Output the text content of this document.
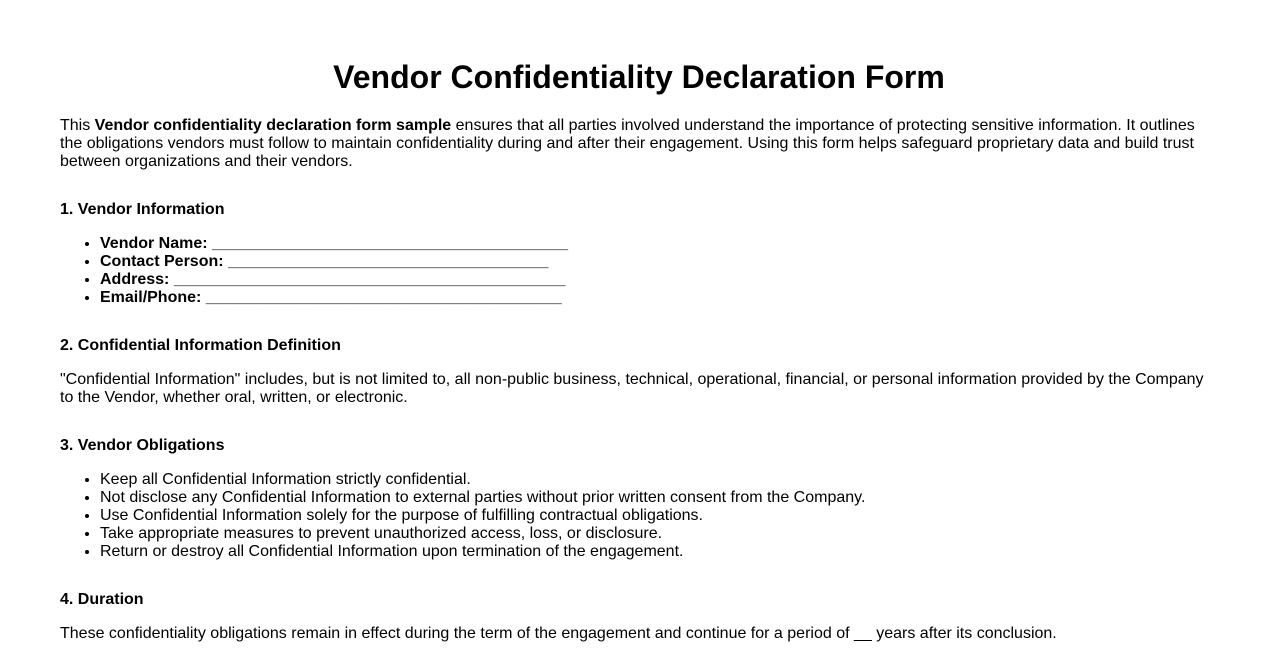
Vendor Confidentiality Declaration Form

This Vendor confidentiality declaration form sample ensures that all parties involved understand the importance of protecting sensitive information. It outlines the obligations vendors must follow to maintain confidentiality during and after their engagement. Using this form helps safeguard proprietary data and build trust between organizations and their vendors.

1. Vendor Information
• Vendor Name: ________________________________________
• Contact Person: ____________________________________
• Address: ____________________________________________
• Email/Phone: ________________________________________
2. Confidential Information Definition

"Confidential Information" includes, but is not limited to, all non-public business, technical, operational, financial, or personal information provided by the Company to the Vendor, whether oral, written, or electronic.

3. Vendor Obligations
• Keep all Confidential Information strictly confidential.
• Not disclose any Confidential Information to external parties without prior written consent from the Company.
• Use Confidential Information solely for the purpose of fulfilling contractual obligations.
• Take appropriate measures to prevent unauthorized access, loss, or disclosure.
• Return or destroy all Confidential Information upon termination of the engagement.
4. Duration

These confidentiality obligations remain in effect during the term of the engagement and continue for a period of __ years after its conclusion.
